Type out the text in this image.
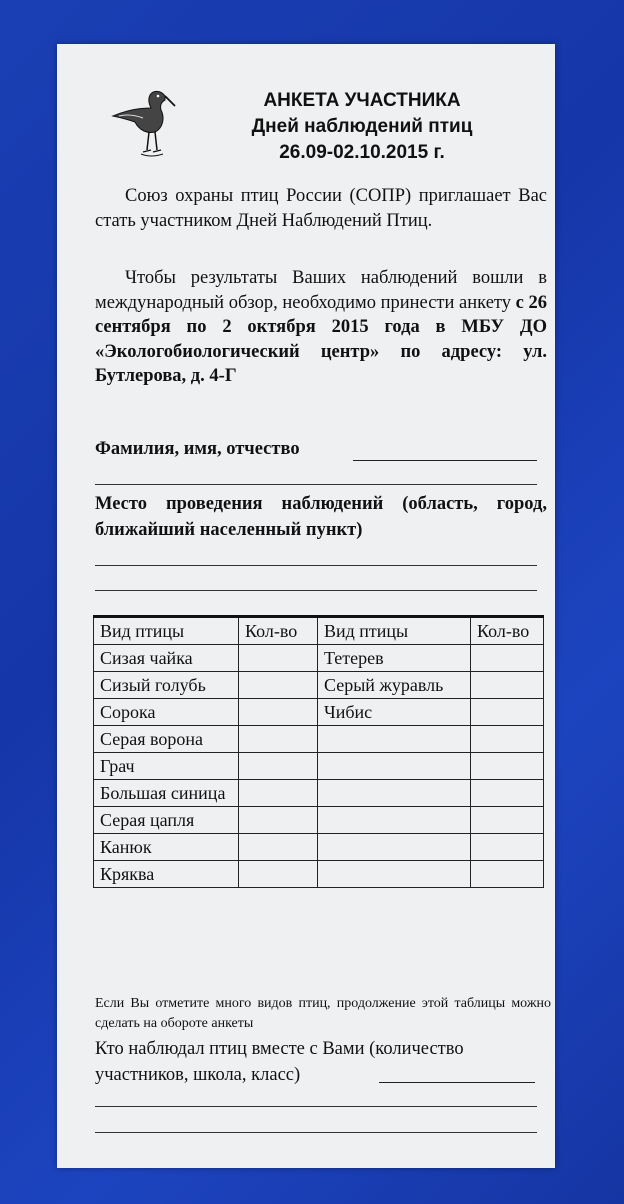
АНКЕТА УЧАСТНИКА
Дней наблюдений птиц
26.09-02.10.2015 г.
Союз охраны птиц России (СОПР) приглашает Вас стать участником Дней Наблюдений Птиц.
Чтобы результаты Ваших наблюдений вошли в международный обзор, необходимо принести анкету с 26 сентября по 2 октября 2015 года в МБУ ДО «Экологобиологический центр» по адресу: ул. Бутлерова, д. 4-Г
Фамилия, имя, отчество
Место проведения наблюдений (область, город, ближайший населенный пункт)
Вид птицы	Кол-во	Вид птицы	Кол-во
Сизая чайка		Тетерев	
Сизый голубь		Серый журавль	
Сорока		Чибис	
Серая ворона			
Грач			
Большая синица			
Серая цапля			
Канюк			
Кряква			
Если Вы отметите много видов птиц, продолжение этой таблицы можно сделать на обороте анкеты
Кто наблюдал птиц вместе с Вами (количество участников, школа, класс)
